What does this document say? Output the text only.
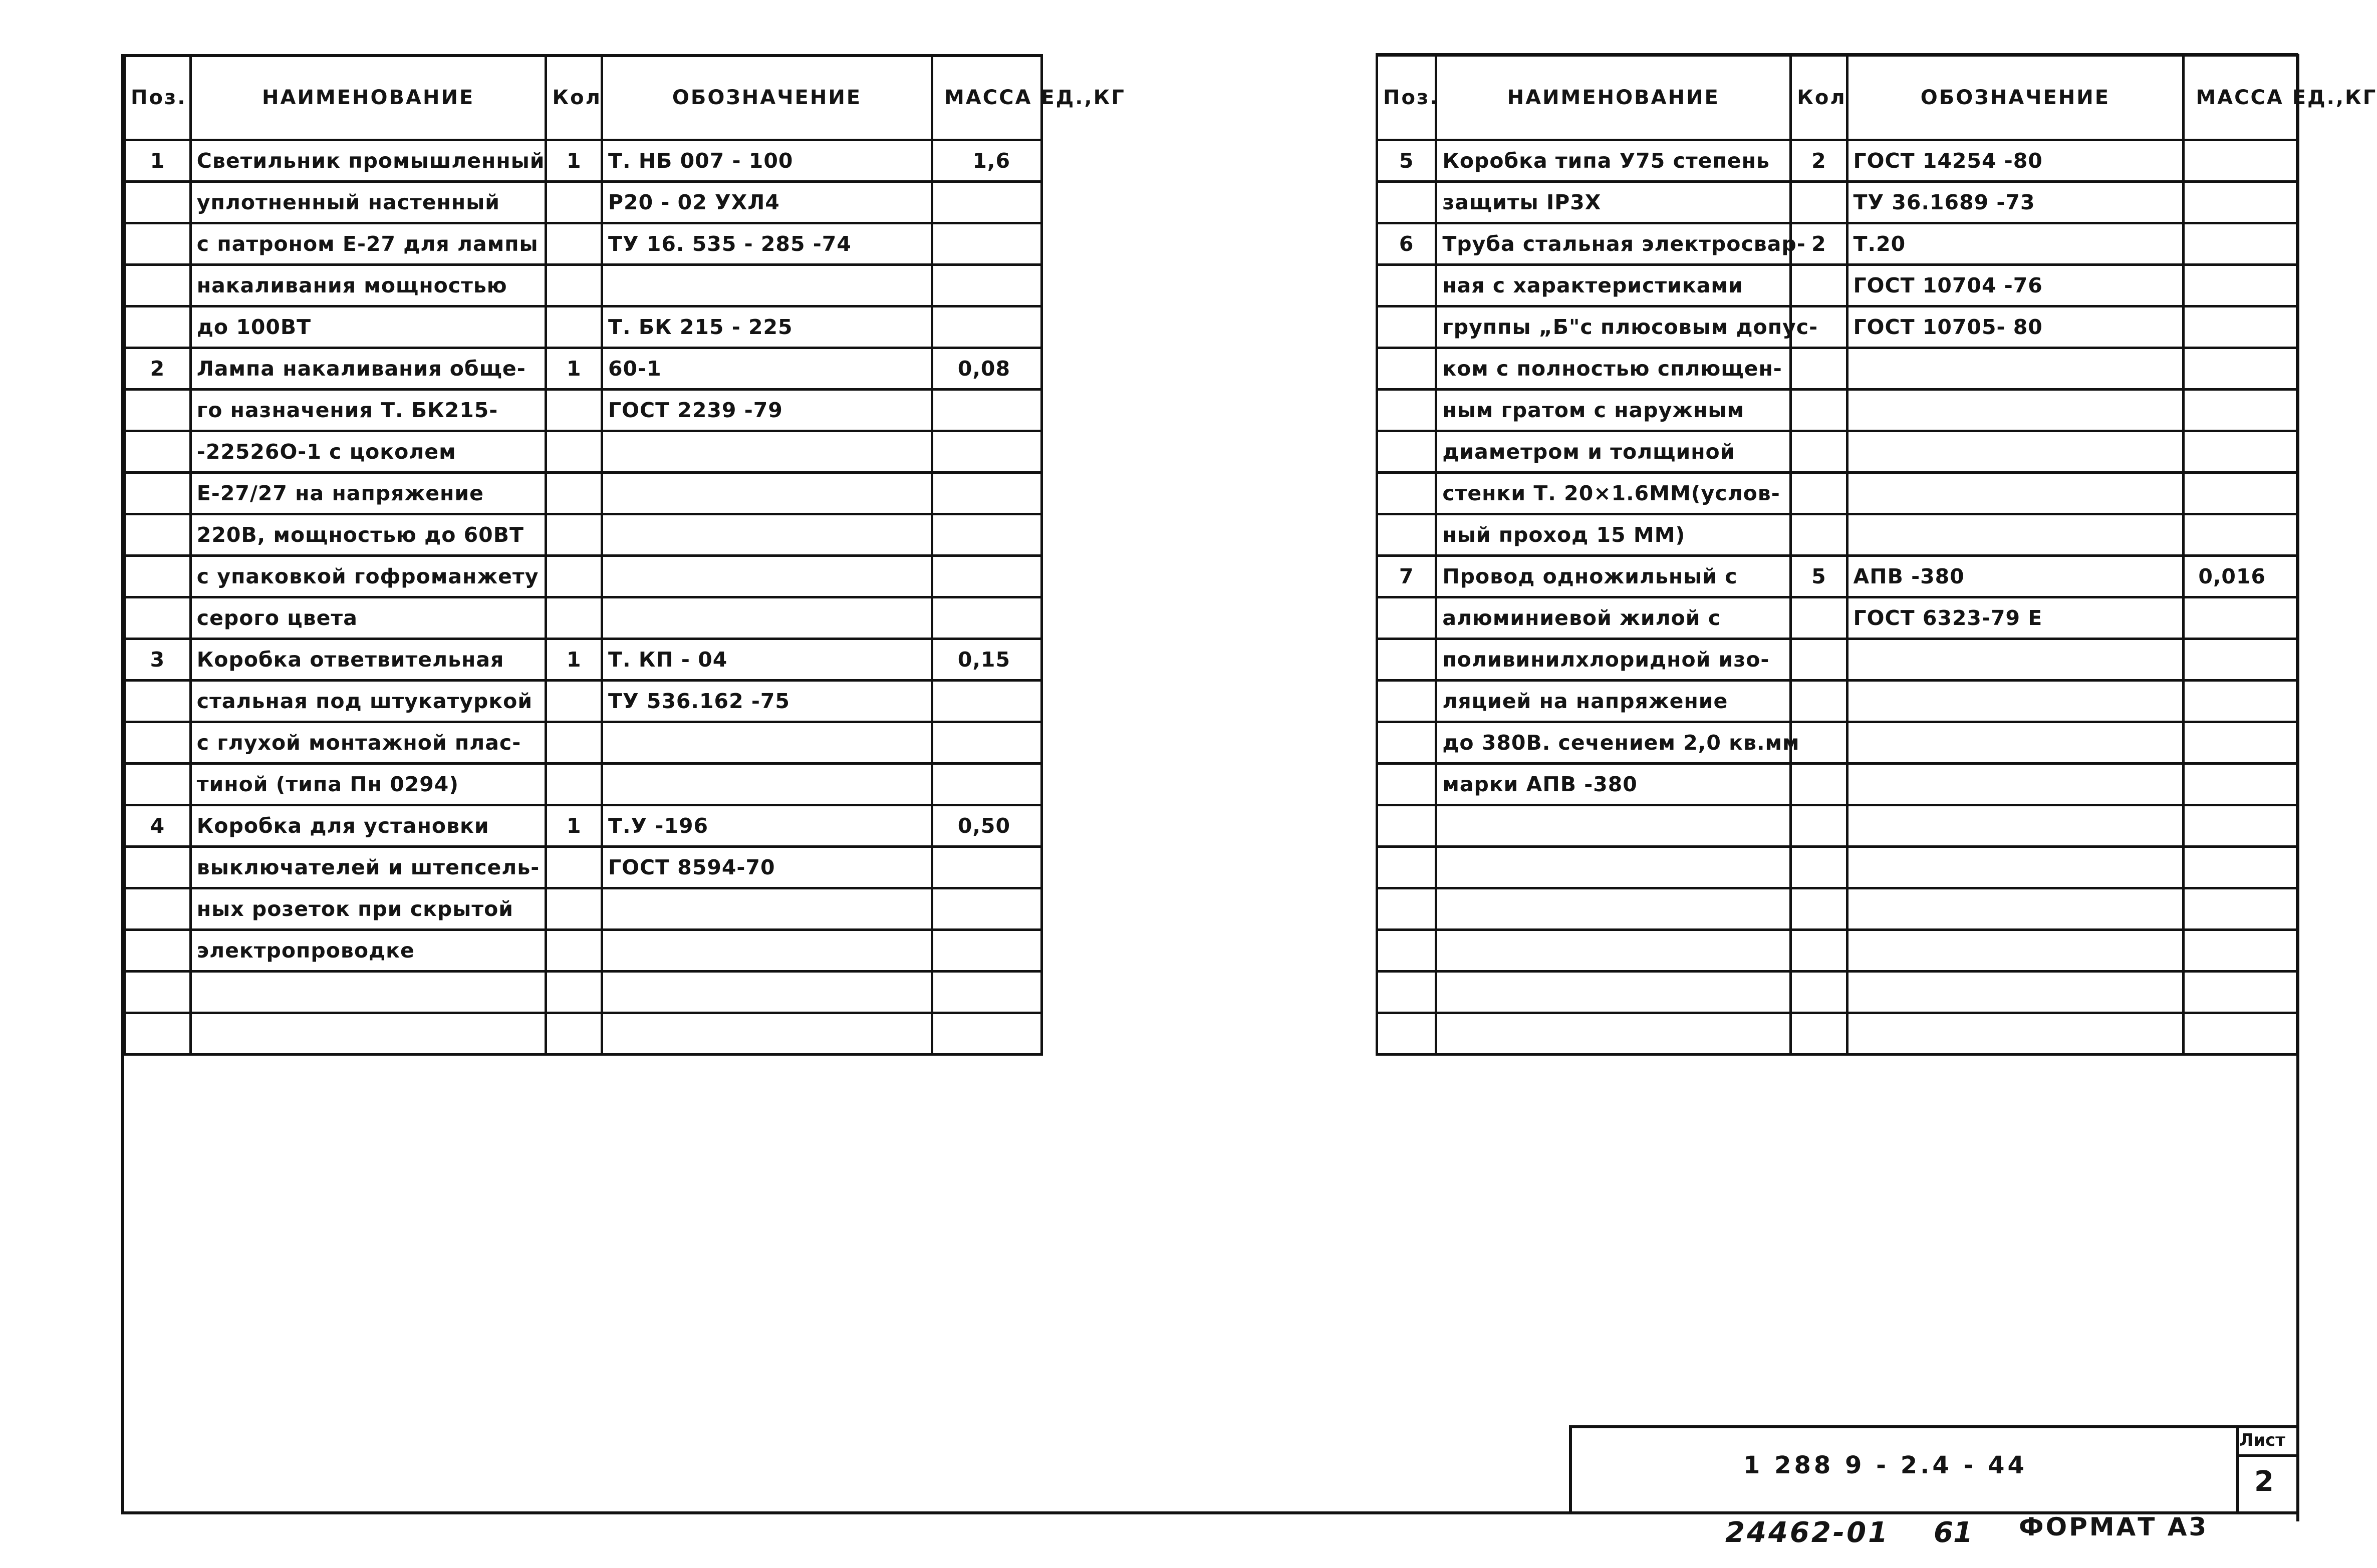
Поз.	НАИМЕНОВАНИЕ	Кол	ОБОЗНАЧЕНИЕ	МАССА ЕД.,КГ
1	Светильник промышленный	1	Т. НБ 007 - 100	1,6
	уплотненный настенный		Р20 - 02 УХЛ4	
	с патроном Е-27 для лампы		ТУ 16. 535 - 285 -74	
	накаливания мощностью			
	до 100ВТ		Т. БК 215 - 225	
2	Лампа накаливания обще-	1	60-1	0,08
	го назначения Т. БК215-		ГОСТ 2239 -79	
	-22526О-1 с цоколем			
	Е-27/27 на напряжение			
	220В, мощностью до 60ВТ			
	с упаковкой гофроманжету			
	серого цвета			
3	Коробка ответвительная	1	Т. КП - 04	0,15
	стальная под штукатуркой		ТУ 536.162 -75	
	с глухой монтажной плас-			
	тиной (типа Пн 0294)			
4	Коробка для установки	1	Т.У -196	0,50
	выключателей и штепсель-		ГОСТ 8594-70	
	ных розеток при скрытой			
	электропроводке			

Поз.	НАИМЕНОВАНИЕ	Кол	ОБОЗНАЧЕНИЕ	МАССА ЕД.,КГ
5	Коробка типа У75 степень	2	ГОСТ 14254 -80	
	защиты IP3X		ТУ 36.1689 -73	
6	Труба стальная электросвар-	2	Т.20	
	ная с характеристиками		ГОСТ 10704 -76	
	группы „Б"с плюсовым допус-		ГОСТ 10705- 80	
	ком с полностью сплющен-			
	ным гратом с наружным			
	диаметром и толщиной			
	стенки Т. 20×1.6ММ(услов-			
	ный проход 15 ММ)			
7	Провод одножильный с	5	АПВ -380	0,016
	алюминиевой жилой с		ГОСТ 6323-79 Е	
	поливинилхлоридной изо-			
	ляцией на напряжение			
	до 380В. сечением 2,0 кв.мм			
	марки АПВ -380			

1 288 9 - 2.4 - 44
Лист
2
24462-01 61 ФОРМАТ А3
